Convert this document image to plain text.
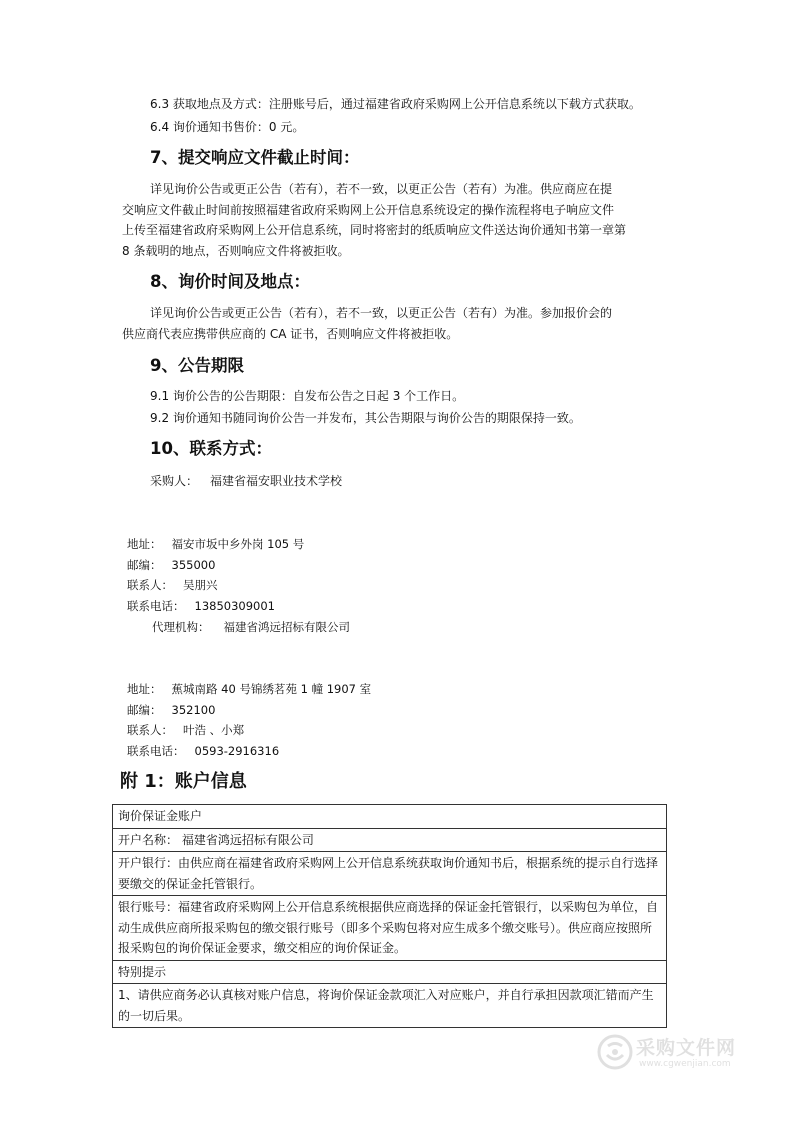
6.3 获取地点及方式：注册账号后，通过福建省政府采购网上公开信息系统以下载方式获取。
6.4 询价通知书售价：0 元。
7、提交响应文件截止时间：

详见询价公告或更正公告（若有），若不一致，以更正公告（若有）为准。供应商应在提

交响应文件截止时间前按照福建省政府采购网上公开信息系统设定的操作流程将电子响应文件

上传至福建省政府采购网上公开信息系统，同时将密封的纸质响应文件送达询价通知书第一章第

8 条载明的地点，否则响应文件将被拒收。

8、询价时间及地点：

详见询价公告或更正公告（若有），若不一致，以更正公告（若有）为准。参加报价会的

供应商代表应携带供应商的 CA 证书，否则响应文件将被拒收。

9、公告期限
9.1 询价公告的公告期限：自发布公告之日起 3 个工作日。
9.2 询价通知书随同询价公告一并发布，其公告期限与询价公告的期限保持一致。
10、联系方式：
采购人： 福建省福安职业技术学校
地址： 福安市坂中乡外岗 105 号
邮编： 355000
联系人： 吴朋兴
联系电话： 13850309001
代理机构： 福建省鸿远招标有限公司
地址： 蕉城南路 40 号锦绣茗苑 1 幢 1907 室
邮编： 352100
联系人： 叶浩 、小郑
联系电话： 0593-2916316
附 1：账户信息
询价保证金账户
开户名称： 福建省鸿远招标有限公司
开户银行：由供应商在福建省政府采购网上公开信息系统获取询价通知书后，根据系统的提示自行选择要缴交的保证金托管银行。
银行账号：福建省政府采购网上公开信息系统根据供应商选择的保证金托管银行，以采购包为单位，自动生成供应商所报采购包的缴交银行账号（即多个采购包将对应生成多个缴交账号）。供应商应按照所报采购包的询价保证金要求，缴交相应的询价保证金。
特别提示
1、请供应商务必认真核对账户信息，将询价保证金款项汇入对应账户，并自行承担因款项汇错而产生的一切后果。
采购文件网
www.cgwenjian.com
